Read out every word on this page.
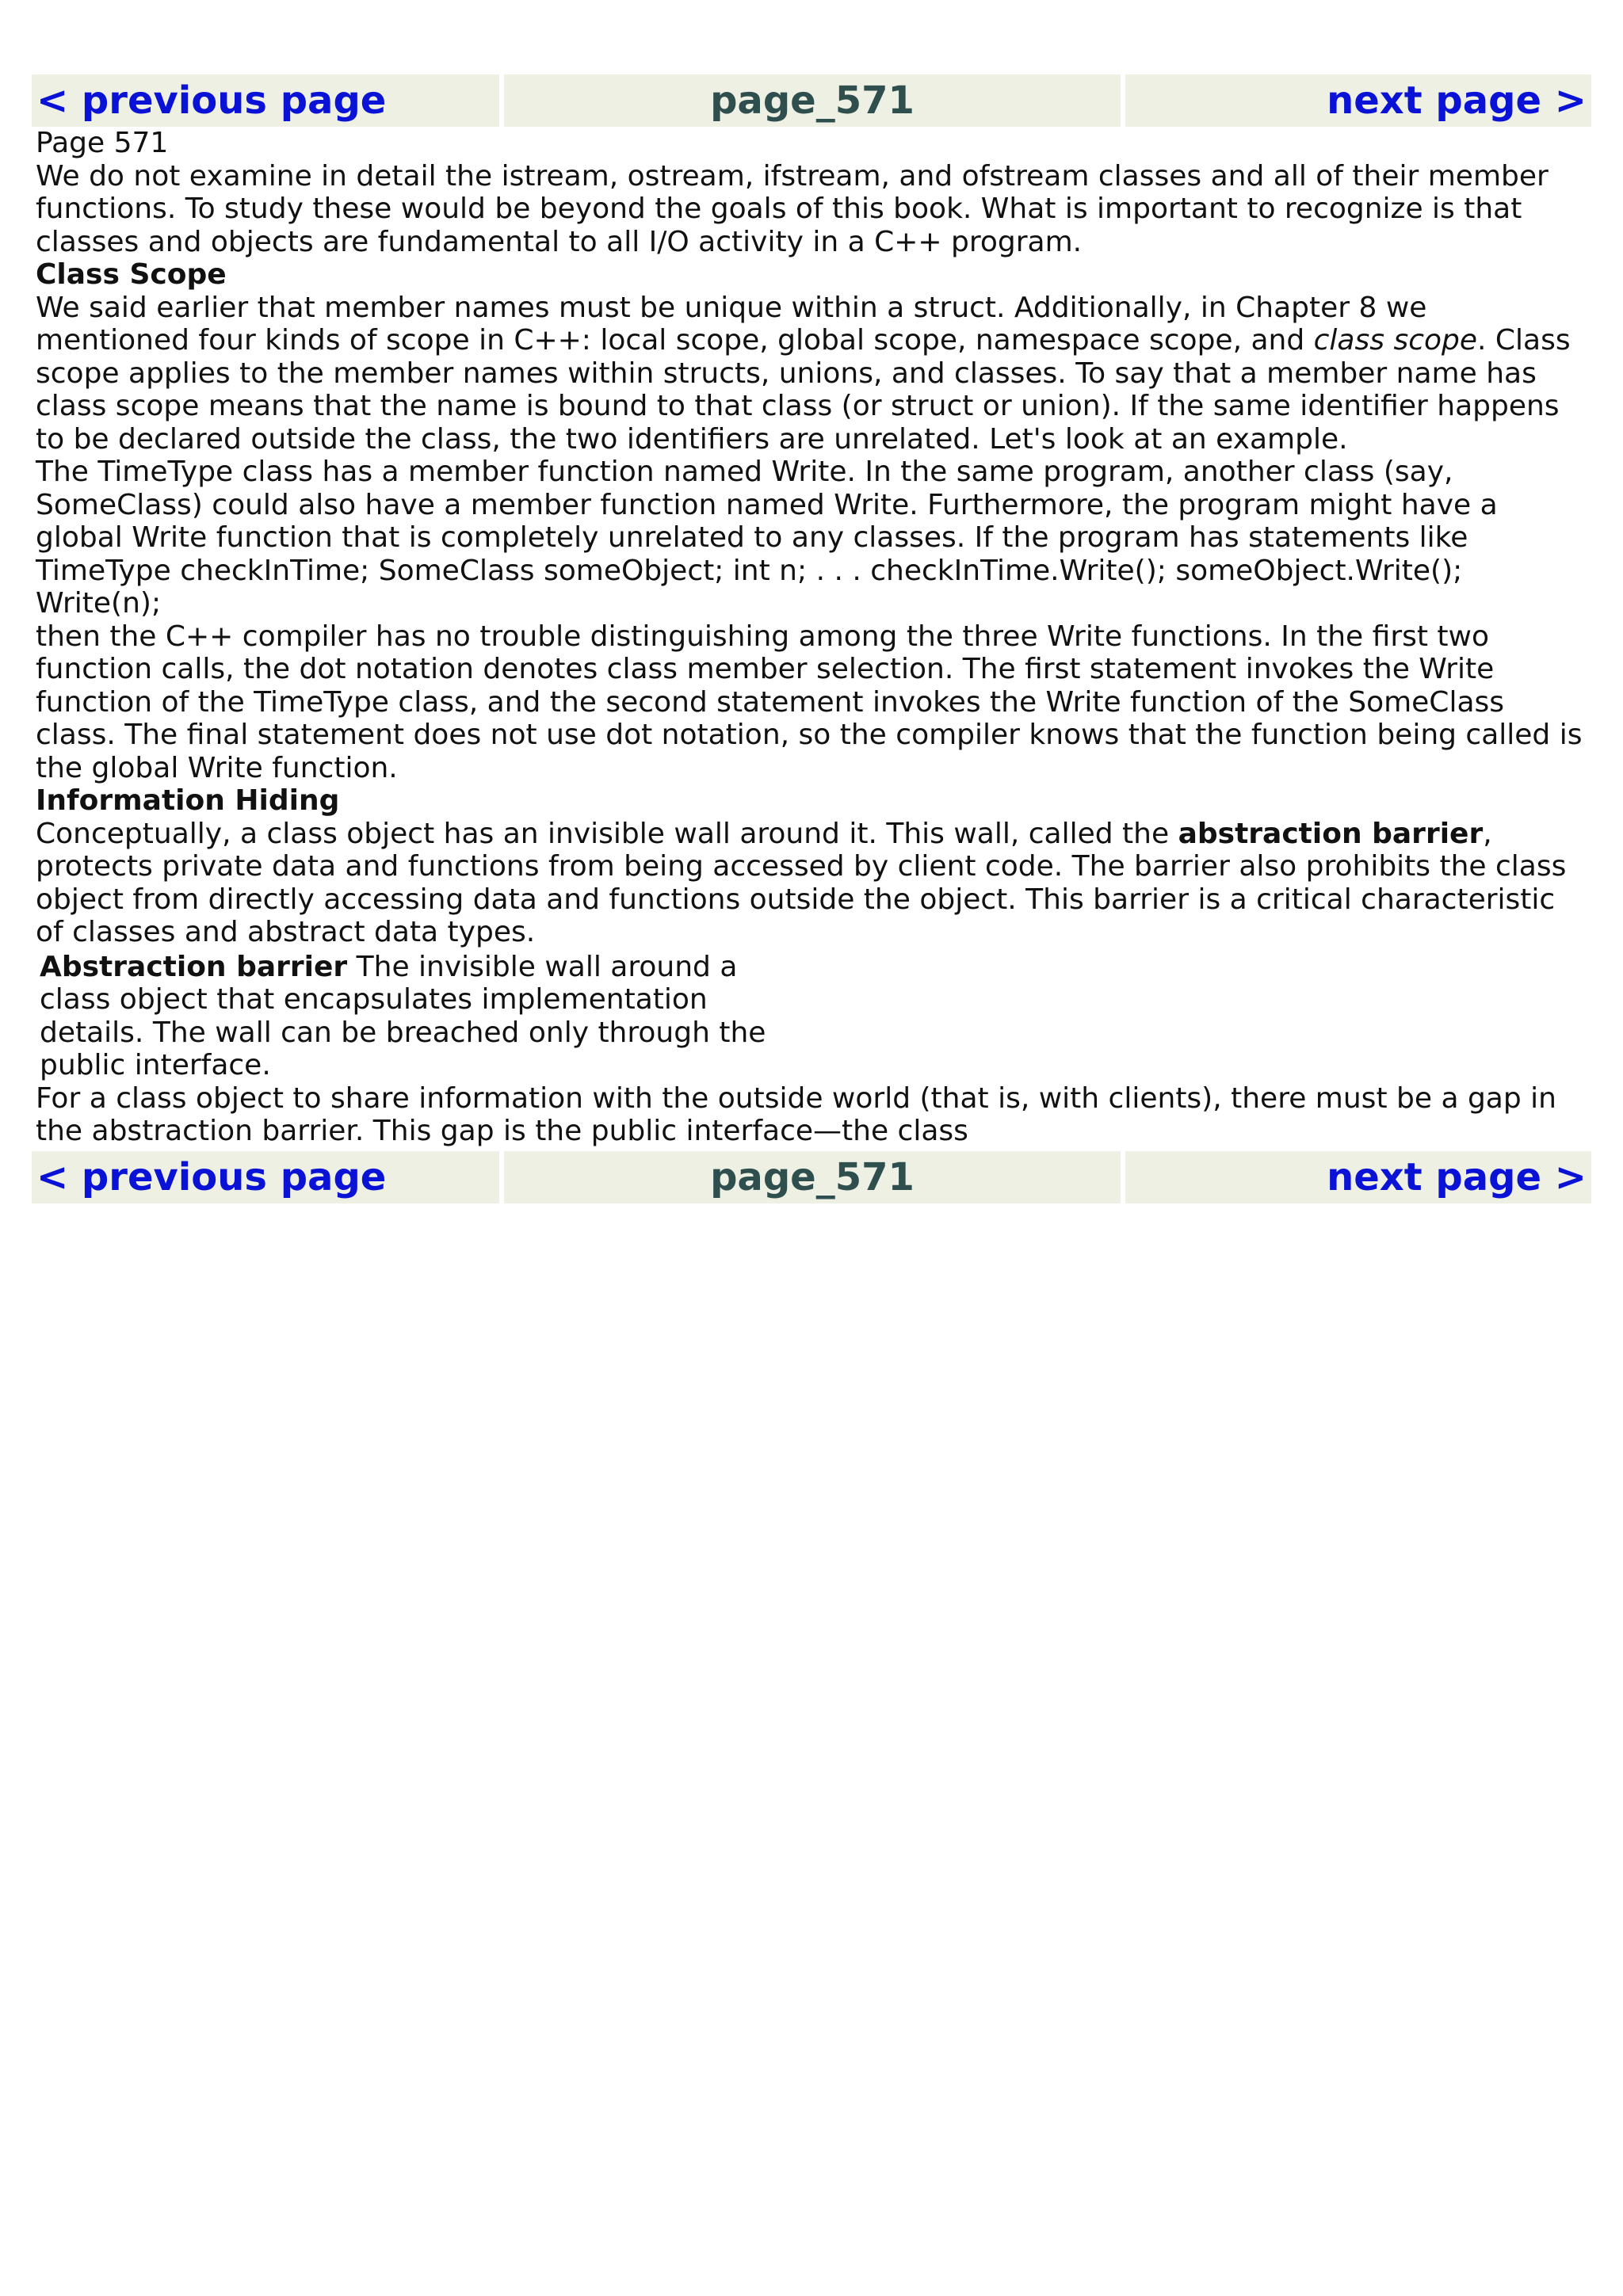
< previous page	page_571	next page >

Page 571

We do not examine in detail the istream, ostream, ifstream, and ofstream classes and all of their member functions. To study these would be beyond the goals of this book. What is important to recognize is that classes and objects are fundamental to all I/O activity in a C++ program.

Class Scope

We said earlier that member names must be unique within a struct. Additionally, in Chapter 8 we mentioned four kinds of scope in C++: local scope, global scope, namespace scope, and class scope. Class scope applies to the member names within structs, unions, and classes. To say that a member name has class scope means that the name is bound to that class (or struct or union). If the same identifier happens to be declared outside the class, the two identifiers are unrelated. Let's look at an example.

The TimeType class has a member function named Write. In the same program, another class (say, SomeClass) could also have a member function named Write. Furthermore, the program might have a global Write function that is completely unrelated to any classes. If the program has statements like

TimeType checkInTime; SomeClass someObject; int n; . . . checkInTime.Write(); someObject.Write(); Write(n);

then the C++ compiler has no trouble distinguishing among the three Write functions. In the first two function calls, the dot notation denotes class member selection. The first statement invokes the Write function of the TimeType class, and the second statement invokes the Write function of the SomeClass class. The final statement does not use dot notation, so the compiler knows that the function being called is the global Write function.

Information Hiding

Conceptually, a class object has an invisible wall around it. This wall, called the abstraction barrier, protects private data and functions from being accessed by client code. The barrier also prohibits the class object from directly accessing data and functions outside the object. This barrier is a critical characteristic of classes and abstract data types.

Abstraction barrier The invisible wall around a class object that encapsulates implementation details. The wall can be breached only through the public interface.

For a class object to share information with the outside world (that is, with clients), there must be a gap in the abstraction barrier. This gap is the public interface—the class

< previous page	page_571	next page >
